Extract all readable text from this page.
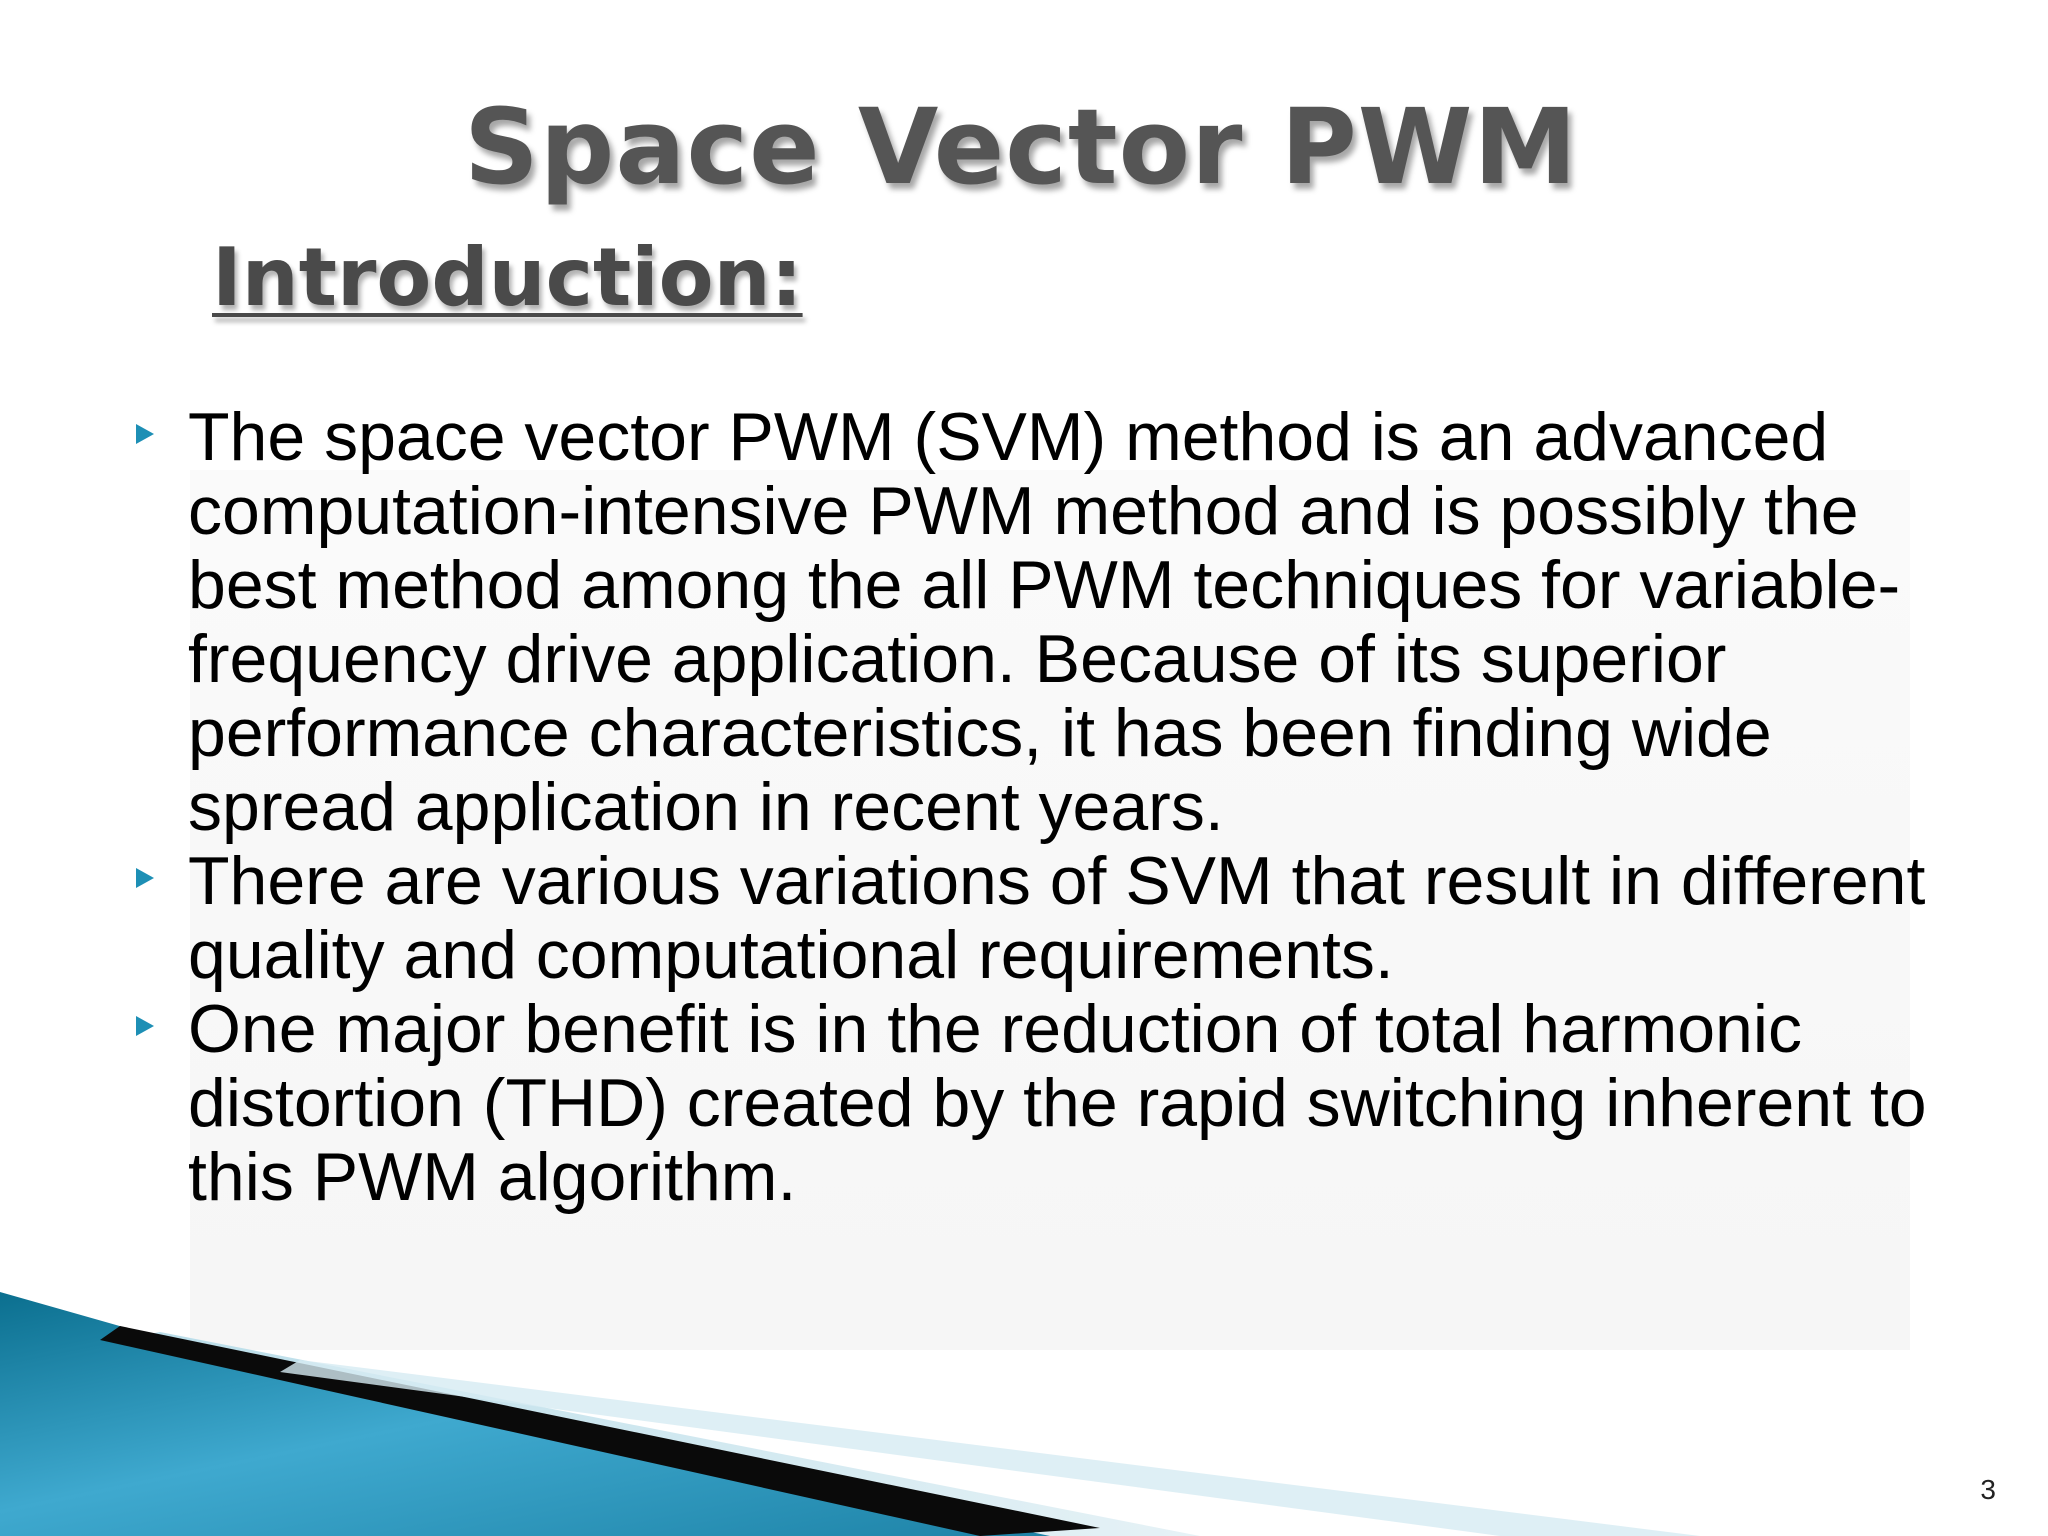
Space Vector PWM
Introduction:
The space vector PWM (SVM) method is an advanced computation-intensive PWM method and is possibly the best method among the all PWM techniques for variable-frequency drive application. Because of its superior performance characteristics, it has been finding wide spread application in recent years.
There are various variations of SVM that result in different quality and computational requirements.
One major benefit is in the reduction of total harmonic distortion (THD) created by the rapid switching inherent to this PWM algorithm.
3
